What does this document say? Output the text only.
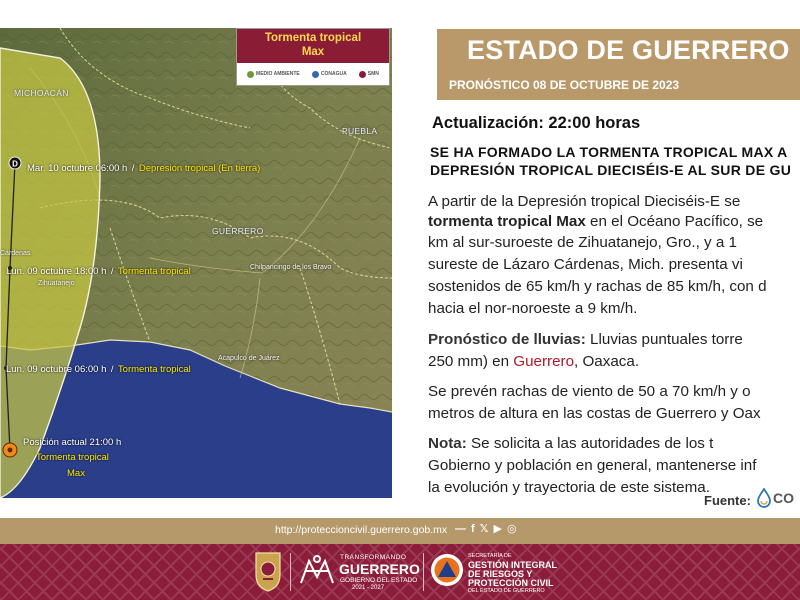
D
MICHOACÁN
GUERRERO
PUEBLA
Chilpancingo de los Bravo
Acapulco de Juárez
Zihuatanejo
Cárdenas
Mar. 10 octubre 06:00 h / Depresión tropical (En tierra)
Lun. 09 octubre 18:00 h / Tormenta tropical
Lun. 09 octubre 06:00 h / Tormenta tropical
Posición actual 21:00 h
Tormenta tropical
Max
Tormenta tropical
Max
MEDIO AMBIENTE	CONAGUA	SMN
ESTADO DE GUERRERO
PRONÓSTICO 08 DE OCTUBRE DE 2023
Actualización: 22:00 horas
SE HA FORMADO LA TORMENTA TROPICAL MAX A
DEPRESIÓN TROPICAL DIECISÉIS-E AL SUR DE GU
A partir de la Depresión tropical Dieciséis-E se
tormenta tropical Max en el Océano Pacífico, se
km al sur-suroeste de Zihuatanejo, Gro., y a 1
sureste de Lázaro Cárdenas, Mich. presenta vi
sostenidos de 65 km/h y rachas de 85 km/h, con d
hacia el nor-noroeste a 9 km/h.
Pronóstico de lluvias: Lluvias puntuales torre
250 mm) en Guerrero, Oaxaca.
Se prevén rachas de viento de 50 a 70 km/h y o
metros de altura en las costas de Guerrero y Oax
Nota: Se solicita a las autoridades de los t
Gobierno y población en general, mantenerse inf
la evolución y trayectoria de este sistema.
Fuente: CO
http://proteccioncivil.guerrero.gob.mx — f 𝕏 ▶ ◎
TRANSFORMANDO
GUERRERO
GOBIERNO DEL ESTADO
2021 - 2027
SECRETARÍA DE
GESTIÓN INTEGRAL
DE RIESGOS Y
PROTECCIÓN CIVIL
DEL ESTADO DE GUERRERO
